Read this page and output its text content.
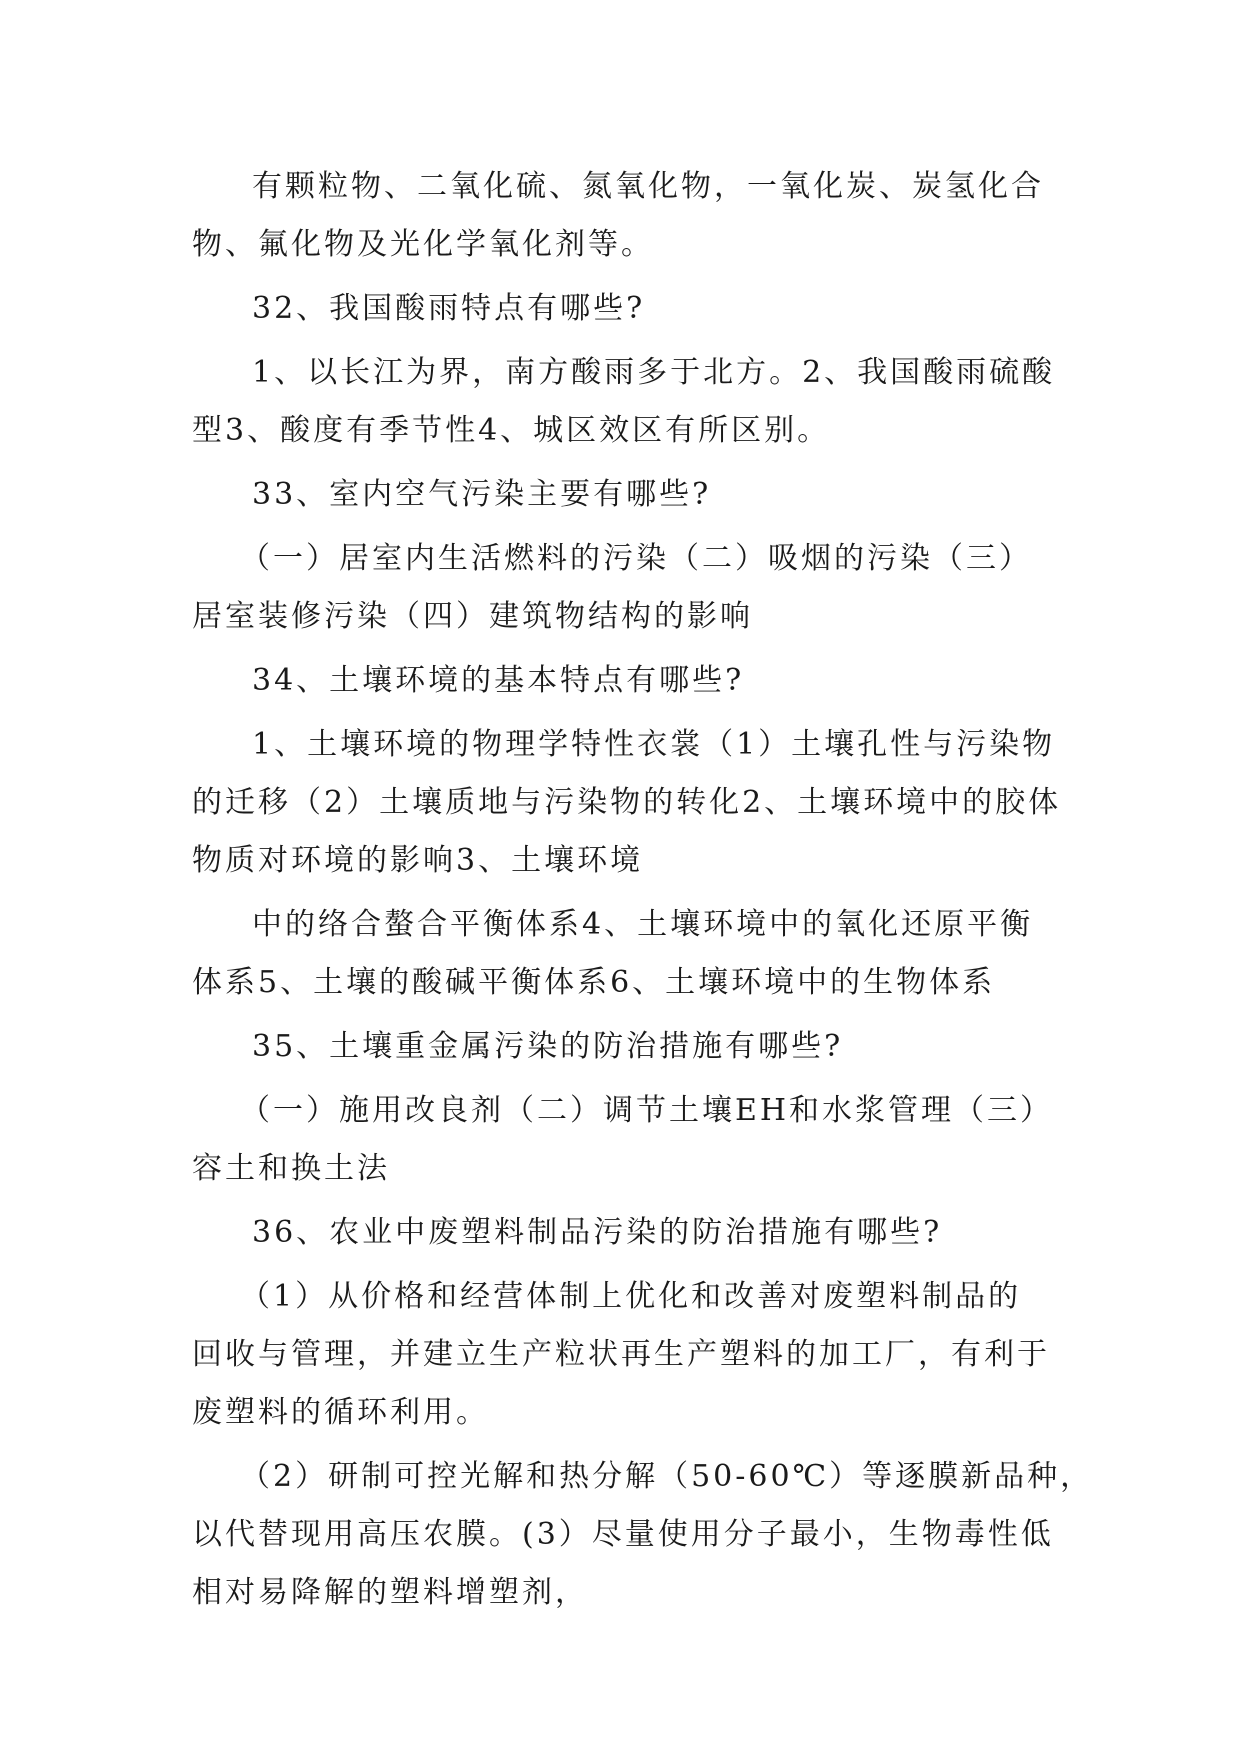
有颗粒物、二氧化硫、氮氧化物，一氧化炭、炭氢化合
物、氟化物及光化学氧化剂等。
32、我国酸雨特点有哪些?
1、以长江为界，南方酸雨多于北方。2、我国酸雨硫酸
型3、酸度有季节性4、城区效区有所区别。
33、室内空气污染主要有哪些?
（一）居室内生活燃料的污染（二）吸烟的污染（三）
居室装修污染（四）建筑物结构的影响
34、土壤环境的基本特点有哪些?
1、土壤环境的物理学特性衣裳（1）土壤孔性与污染物
的迁移（2）土壤质地与污染物的转化2、土壤环境中的胶体
物质对环境的影响3、土壤环境
中的络合螯合平衡体系4、土壤环境中的氧化还原平衡
体系5、土壤的酸碱平衡体系6、土壤环境中的生物体系
35、土壤重金属污染的防治措施有哪些?
（一）施用改良剂（二）调节土壤EH和水浆管理（三）
容土和换土法
36、农业中废塑料制品污染的防治措施有哪些?
（1）从价格和经营体制上优化和改善对废塑料制品的
回收与管理，并建立生产粒状再生产塑料的加工厂，有利于
废塑料的循环利用。
（2）研制可控光解和热分解（50-60℃）等逐膜新品种，
以代替现用高压农膜。(3）尽量使用分子最小，生物毒性低
相对易降解的塑料增塑剂，
